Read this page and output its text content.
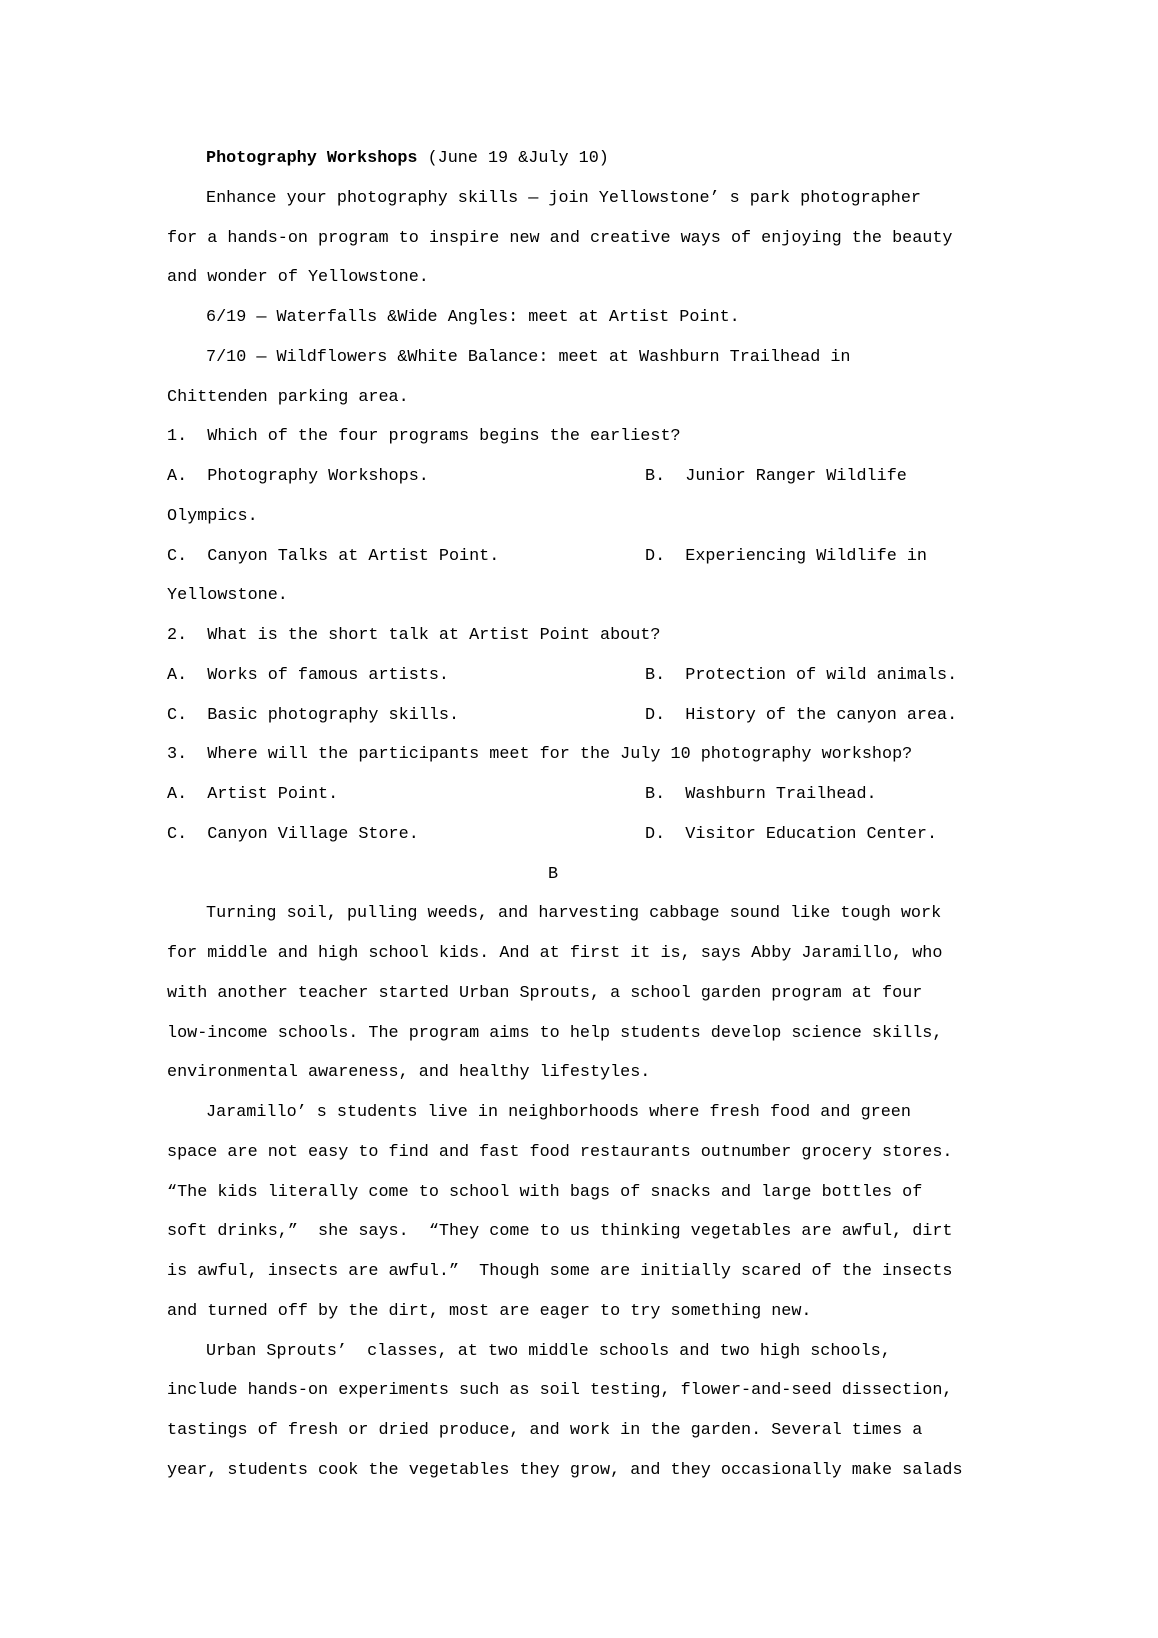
Photography Workshops (June 19 &July 10)
Enhance your photography skills — join Yellowstone’ s park photographer
for a hands-on program to inspire new and creative ways of enjoying the beauty
and wonder of Yellowstone.
6/19 — Waterfalls &Wide Angles: meet at Artist Point.
7/10 — Wildflowers &White Balance: meet at Washburn Trailhead in
Chittenden parking area.
1.  Which of the four programs begins the earliest?
A.  Photography Workshops.	B.  Junior Ranger Wildlife
Olympics.
C.  Canyon Talks at Artist Point.	D.  Experiencing Wildlife in
Yellowstone.
2.  What is the short talk at Artist Point about?
A.  Works of famous artists.	B.  Protection of wild animals.
C.  Basic photography skills.	D.  History of the canyon area.
3.  Where will the participants meet for the July 10 photography workshop?
A.  Artist Point.	B.  Washburn Trailhead.
C.  Canyon Village Store.	D.  Visitor Education Center.
B
Turning soil, pulling weeds, and harvesting cabbage sound like tough work
for middle and high school kids. And at first it is, says Abby Jaramillo, who
with another teacher started Urban Sprouts, a school garden program at four
low-income schools. The program aims to help students develop science skills,
environmental awareness, and healthy lifestyles.
Jaramillo’ s students live in neighborhoods where fresh food and green
space are not easy to find and fast food restaurants outnumber grocery stores.
“The kids literally come to school with bags of snacks and large bottles of
soft drinks,”  she says.  “They come to us thinking vegetables are awful, dirt
is awful, insects are awful.”  Though some are initially scared of the insects
and turned off by the dirt, most are eager to try something new.
Urban Sprouts’  classes, at two middle schools and two high schools,
include hands-on experiments such as soil testing, flower-and-seed dissection,
tastings of fresh or dried produce, and work in the garden. Several times a
year, students cook the vegetables they grow, and they occasionally make salads
